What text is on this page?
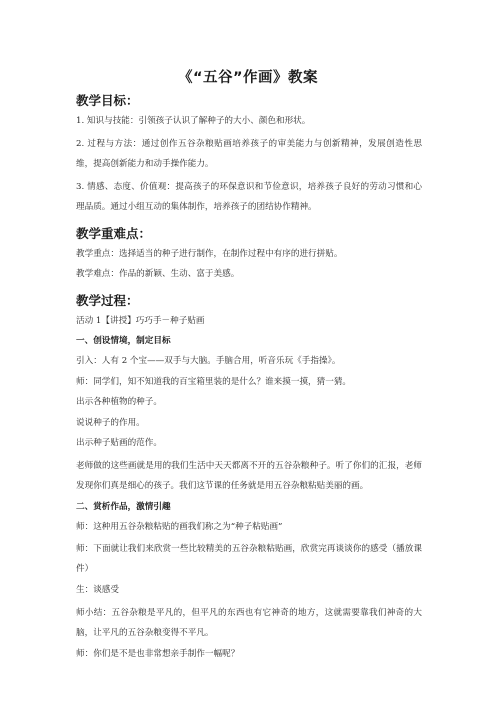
《“五谷”作画》教案
教学目标：

1. 知识与技能：引领孩子认识了解种子的大小、颜色和形状。

2. 过程与方法：通过创作五谷杂粮贴画培养孩子的审美能力与创新精神，发展创造性思维，提高创新能力和动手操作能力。

3. 情感、态度、价值观：提高孩子的环保意识和节俭意识，培养孩子良好的劳动习惯和心理品质。通过小组互动的集体制作，培养孩子的团结协作精神。

教学重难点：

教学重点：选择适当的种子进行制作，在制作过程中有序的进行拼贴。

教学难点：作品的新颖、生动、富于美感。

教学过程：

活动 1【讲授】巧巧手－种子贴画

一、创设情境，制定目标

引入：人有 2 个宝——双手与大脑。手脑合用，听音乐玩《手指操》。

师：同学们，知不知道我的百宝箱里装的是什么？谁来摸一摸，猜一猜。

出示各种植物的种子。

说说种子的作用。

出示种子贴画的范作。

老师做的这些画就是用的我们生活中天天都离不开的五谷杂粮种子。听了你们的汇报，老师发现你们真是细心的孩子。我们这节课的任务就是用五谷杂粮粘贴美丽的画。

二、赏析作品，激情引趣

师：这种用五谷杂粮粘贴的画我们称之为“种子粘贴画”

师：下面就让我们来欣赏一些比较精美的五谷杂粮粘贴画，欣赏完再谈谈你的感受（播放课件）

生：谈感受

师小结：五谷杂粮是平凡的，但平凡的东西也有它神奇的地方，这就需要靠我们神奇的大脑，让平凡的五谷杂粮变得不平凡。

师：你们是不是也非常想亲手制作一幅呢？
